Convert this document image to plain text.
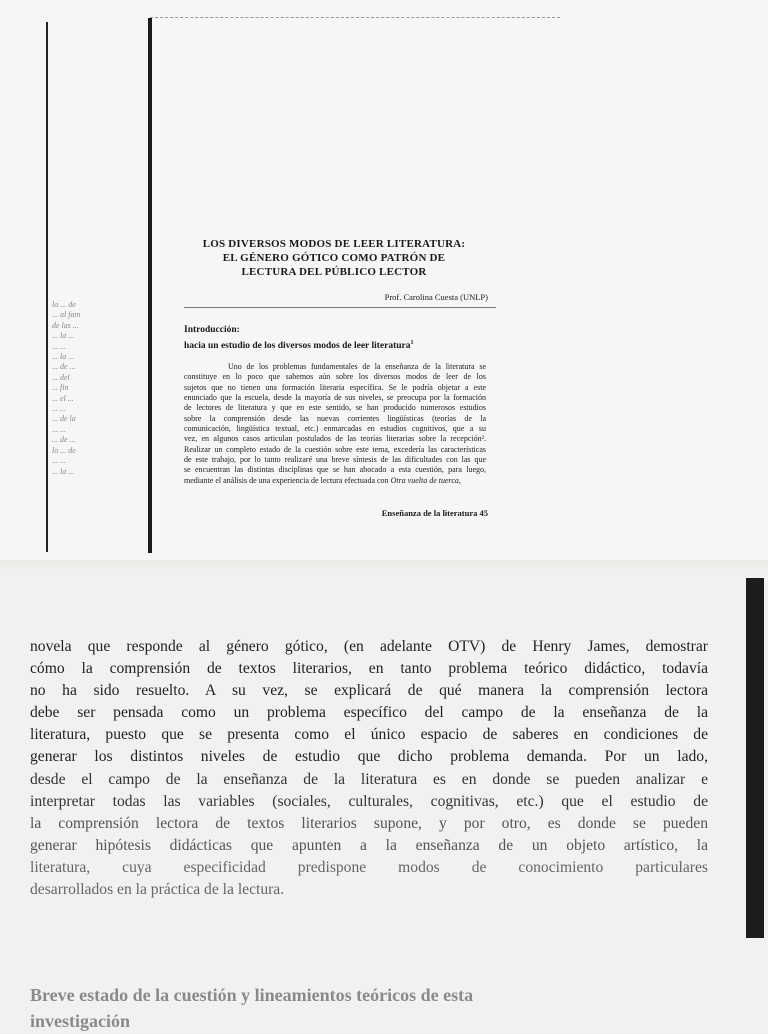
la ... de
... al fam
de las ...
... la ...
... ...
... la ...
... de ...
... del
... fin
... el ...
... ...
... de la
... ...
... de ...
lo ... de
... ...
... la ...
LOS DIVERSOS MODOS DE LEER LITERATURA:
EL GÉNERO GÓTICO COMO PATRÓN DE
LECTURA DEL PÚBLICO LECTOR
Prof. Carolina Cuesta (UNLP)
Introducción:
hacia un estudio de los diversos modos de leer literatura$^1$
Uno de los problemas fundamentales de la enseñanza de la literatura se
constituye en lo poco que sabemos aún sobre los diversos modos de leer de los
sujetos que no tienen una formación literaria específica. Se le podría objetar a este
enunciado que la escuela, desde la mayoría de sus niveles, se preocupa por la formación
de lectores de literatura y que en este sentido, se han producido numerosos estudios
sobre la comprensión desde las nuevas corrientes lingüísticas (teorías de la
comunicación, lingüística textual, etc.) enmarcadas en estudios cognitivos, que a su
vez, en algunos casos articulan postulados de las teorías literarias sobre la recepción².
Realizar un completo estado de la cuestión sobre este tema, excedería las características
de este trabajo, por lo tanto realizaré una breve síntesis de las dificultades con las que
se encuentran las distintas disciplinas que se han abocado a esta cuestión, para luego,
mediante el análisis de una experiencia de lectura efectuada con Otra vuelta de tuerca,
Enseñanza de la literatura 45
novela que responde al género gótico, (en adelante OTV) de Henry James, demostrar
cómo la comprensión de textos literarios, en tanto problema teórico didáctico, todavía
no ha sido resuelto. A su vez, se explicará de qué manera la comprensión lectora
debe ser pensada como un problema específico del campo de la enseñanza de la
literatura, puesto que se presenta como el único espacio de saberes en condiciones de
generar los distintos niveles de estudio que dicho problema demanda. Por un lado,
desde el campo de la enseñanza de la literatura es en donde se pueden analizar e
interpretar todas las variables (sociales, culturales, cognitivas, etc.) que el estudio de
la comprensión lectora de textos literarios supone, y por otro, es donde se pueden
generar hipótesis didácticas que apunten a la enseñanza de un objeto artístico, la
literatura, cuya especificidad predispone modos de conocimiento particulares
desarrollados en la práctica de la lectura.
Breve estado de la cuestión y lineamientos teóricos de esta
investigación
